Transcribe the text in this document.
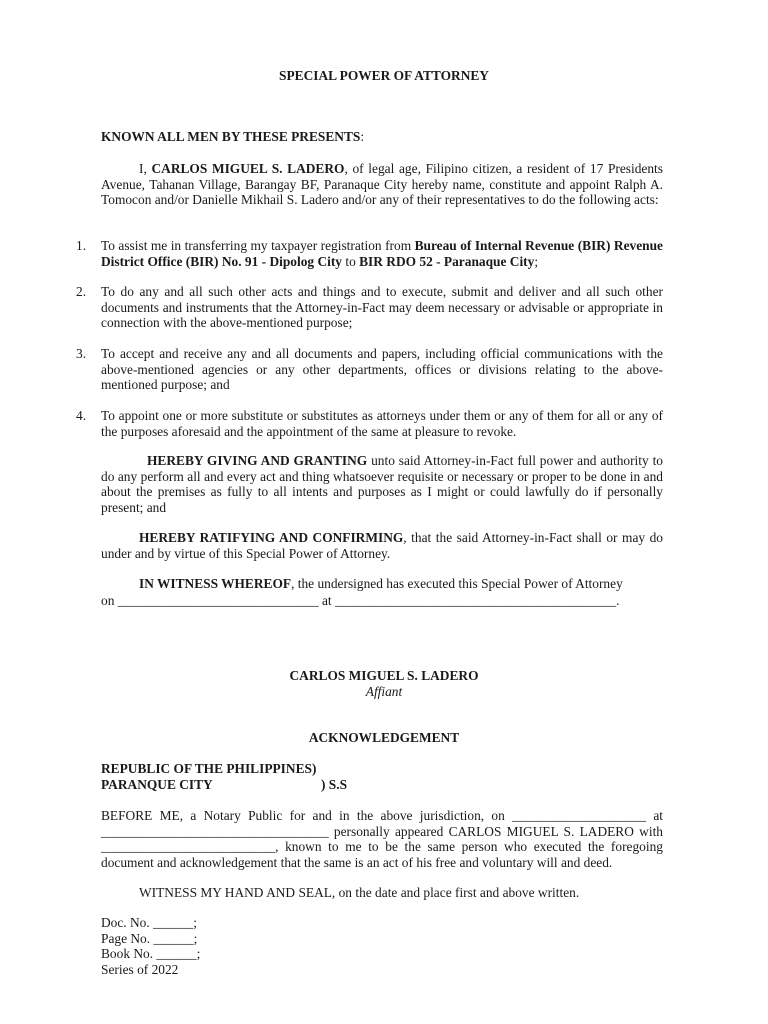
SPECIAL POWER OF ATTORNEY
KNOWN ALL MEN BY THESE PRESENTS:
I, CARLOS MIGUEL S. LADERO, of legal age, Filipino citizen, a resident of 17 Presidents Avenue, Tahanan Village, Barangay BF, Paranaque City hereby name, constitute and appoint Ralph A. Tomocon and/or Danielle Mikhail S. Ladero and/or any of their representatives to do the following acts:
1. To assist me in transferring my taxpayer registration from Bureau of Internal Revenue (BIR) Revenue District Office (BIR) No. 91 - Dipolog City to BIR RDO 52 - Paranaque City;
2. To do any and all such other acts and things and to execute, submit and deliver and all such other documents and instruments that the Attorney-in-Fact may deem necessary or advisable or appropriate in connection with the above-mentioned purpose;
3. To accept and receive any and all documents and papers, including official communications with the above-mentioned agencies or any other departments, offices or divisions relating to the above-mentioned purpose; and
4. To appoint one or more substitute or substitutes as attorneys under them or any of them for all or any of the purposes aforesaid and the appointment of the same at pleasure to revoke.
HEREBY GIVING AND GRANTING unto said Attorney-in-Fact full power and authority to do any perform all and every act and thing whatsoever requisite or necessary or proper to be done in and about the premises as fully to all intents and purposes as I might or could lawfully do if personally present; and
HEREBY RATIFYING AND CONFIRMING, that the said Attorney-in-Fact shall or may do under and by virtue of this Special Power of Attorney.
IN WITNESS WHEREOF, the undersigned has executed this Special Power of Attorney
on ______________________________ at __________________________________________.
CARLOS MIGUEL S. LADERO
Affiant
ACKNOWLEDGEMENT
REPUBLIC OF THE PHILIPPINES)
PARANQUE CITY	) S.S
BEFORE ME, a Notary Public for and in the above jurisdiction, on ____________________ at __________________________________ personally appeared CARLOS MIGUEL S. LADERO with __________________________, known to me to be the same person who executed the foregoing document and acknowledgement that the same is an act of his free and voluntary will and deed.
WITNESS MY HAND AND SEAL, on the date and place first and above written.
Doc. No. ______;
Page No. ______;
Book No. ______;
Series of 2022
